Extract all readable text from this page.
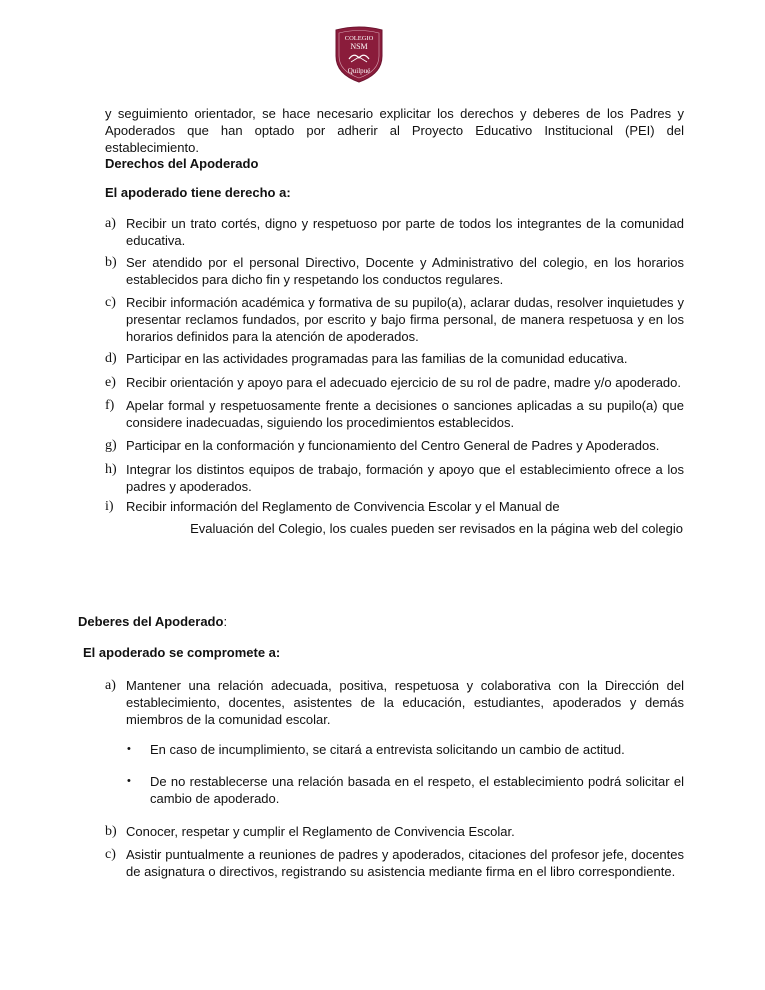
COLEGIO
NSM
Quilpué
y seguimiento orientador, se hace necesario explicitar los derechos y deberes de los Padres y Apoderados que han optado por adherir al Proyecto Educativo Institucional (PEI) del establecimiento.
Derechos del Apoderado
El apoderado tiene derecho a:
a) Recibir un trato cortés, digno y respetuoso por parte de todos los integrantes de la comunidad educativa.
b) Ser atendido por el personal Directivo, Docente y Administrativo del colegio, en los horarios establecidos para dicho fin y respetando los conductos regulares.
c) Recibir información académica y formativa de su pupilo(a), aclarar dudas, resolver inquietudes y presentar reclamos fundados, por escrito y bajo firma personal, de manera respetuosa y en los horarios definidos para la atención de apoderados.
d) Participar en las actividades programadas para las familias de la comunidad educativa.
e) Recibir orientación y apoyo para el adecuado ejercicio de su rol de padre, madre y/o apoderado.
f) Apelar formal y respetuosamente frente a decisiones o sanciones aplicadas a su pupilo(a) que considere inadecuadas, siguiendo los procedimientos establecidos.
g) Participar en la conformación y funcionamiento del Centro General de Padres y Apoderados.
h) Integrar los distintos equipos de trabajo, formación y apoyo que el establecimiento ofrece a los padres y apoderados.
i) Recibir información del Reglamento de Convivencia Escolar y el Manual de
Evaluación del Colegio, los cuales pueden ser revisados en la página web del colegio
Deberes del Apoderado:
El apoderado se compromete a:
a) Mantener una relación adecuada, positiva, respetuosa y colaborativa con la Dirección del establecimiento, docentes, asistentes de la educación, estudiantes, apoderados y demás miembros de la comunidad escolar.
• En caso de incumplimiento, se citará a entrevista solicitando un cambio de actitud.
• De no restablecerse una relación basada en el respeto, el establecimiento podrá solicitar el cambio de apoderado.
b) Conocer, respetar y cumplir el Reglamento de Convivencia Escolar.
c) Asistir puntualmente a reuniones de padres y apoderados, citaciones del profesor jefe, docentes de asignatura o directivos, registrando su asistencia mediante firma en el libro correspondiente.
